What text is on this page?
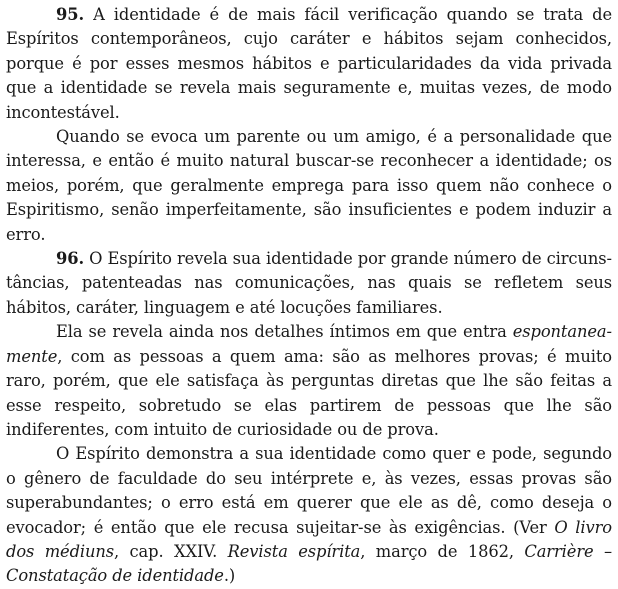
95. A identidade é de mais fácil verificação quando se trata de Espíritos contemporâneos, cujo caráter e hábitos sejam conhecidos, porque é por esses mesmos hábitos e particularidades da vida privada que a identidade se revela mais seguramente e, muitas vezes, de modo incontestável.

Quando se evoca um parente ou um amigo, é a personalidade que interessa, e então é muito natural buscar-se reconhecer a identidade; os meios, porém, que geralmente emprega para isso quem não conhece o Espiritismo, senão imperfeitamente, são insuficientes e podem induzir a erro.

96. O Espírito revela sua identidade por grande número de circunstâncias, patenteadas nas comunicações, nas quais se refletem seus hábitos, caráter, linguagem e até locuções familiares.

Ela se revela ainda nos detalhes íntimos em que entra espontaneamente, com as pessoas a quem ama: são as melhores provas; é muito raro, porém, que ele satisfaça às perguntas diretas que lhe são feitas a esse respeito, sobretudo se elas partirem de pessoas que lhe são indiferentes, com intuito de curiosidade ou de prova.

O Espírito demonstra a sua identidade como quer e pode, segundo o gênero de faculdade do seu intérprete e, às vezes, essas provas são superabundantes; o erro está em querer que ele as dê, como deseja o evocador; é então que ele recusa sujeitar-se às exigências. (Ver O livro dos médiuns, cap. XXIV. Revista espírita, março de 1862, Carrière – Constatação de identidade.)
